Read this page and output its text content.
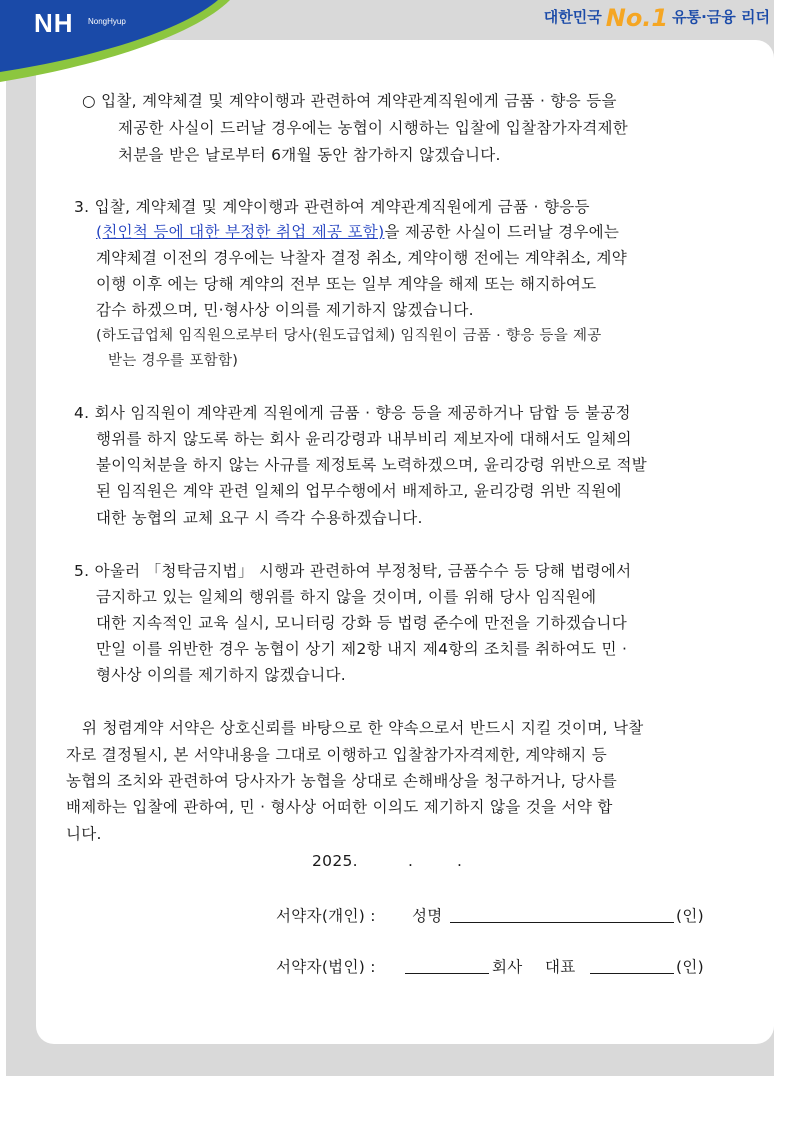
NH NongHyup	대한민국 No.1 유통·금융 리더
○ 입찰, 계약체결 및 계약이행과 관련하여 계약관계직원에게 금품 · 향응 등을
제공한 사실이 드러날 경우에는 농협이 시행하는 입찰에 입찰참가자격제한
처분을 받은 날로부터 6개월 동안 참가하지 않겠습니다.
3. 입찰, 계약체결 및 계약이행과 관련하여 계약관계직원에게 금품 · 향응등
(친인척 등에 대한 부정한 취업 제공 포함)을 제공한 사실이 드러날 경우에는
계약체결 이전의 경우에는 낙찰자 결정 취소, 계약이행 전에는 계약취소, 계약
이행 이후 에는 당해 계약의 전부 또는 일부 계약을 해제 또는 해지하여도
감수 하겠으며, 민·형사상 이의를 제기하지 않겠습니다.
(하도급업체 임직원으로부터 당사(원도급업체) 임직원이 금품 · 향응 등을 제공
받는 경우를 포함함)
4. 회사 임직원이 계약관계 직원에게 금품 · 향응 등을 제공하거나 담합 등 불공정
행위를 하지 않도록 하는 회사 윤리강령과 내부비리 제보자에 대해서도 일체의
불이익처분을 하지 않는 사규를 제정토록 노력하겠으며, 윤리강령 위반으로 적발
된 임직원은 계약 관련 일체의 업무수행에서 배제하고, 윤리강령 위반 직원에
대한 농협의 교체 요구 시 즉각 수용하겠습니다.
5. 아울러 「청탁금지법」 시행과 관련하여 부정청탁, 금품수수 등 당해 법령에서
금지하고 있는 일체의 행위를 하지 않을 것이며, 이를 위해 당사 임직원에
대한 지속적인 교육 실시, 모니터링 강화 등 법령 준수에 만전을 기하겠습니다
만일 이를 위반한 경우 농협이 상기 제2항 내지 제4항의 조치를 취하여도 민 ·
형사상 이의를 제기하지 않겠습니다.
위 청렴계약 서약은 상호신뢰를 바탕으로 한 약속으로서 반드시 지킬 것이며, 낙찰
자로 결정될시, 본 서약내용을 그대로 이행하고 입찰참가자격제한, 계약해지 등
농협의 조치와 관련하여 당사자가 농협을 상대로 손해배상을 청구하거나, 당사를
배제하는 입찰에 관하여, 민 · 형사상 어떠한 이의도 제기하지 않을 것을 서약 합
니다.
2025.	.	.
서약자(개인) : 성명	(인)
서약자(법인) :	회사 대표	(인)
